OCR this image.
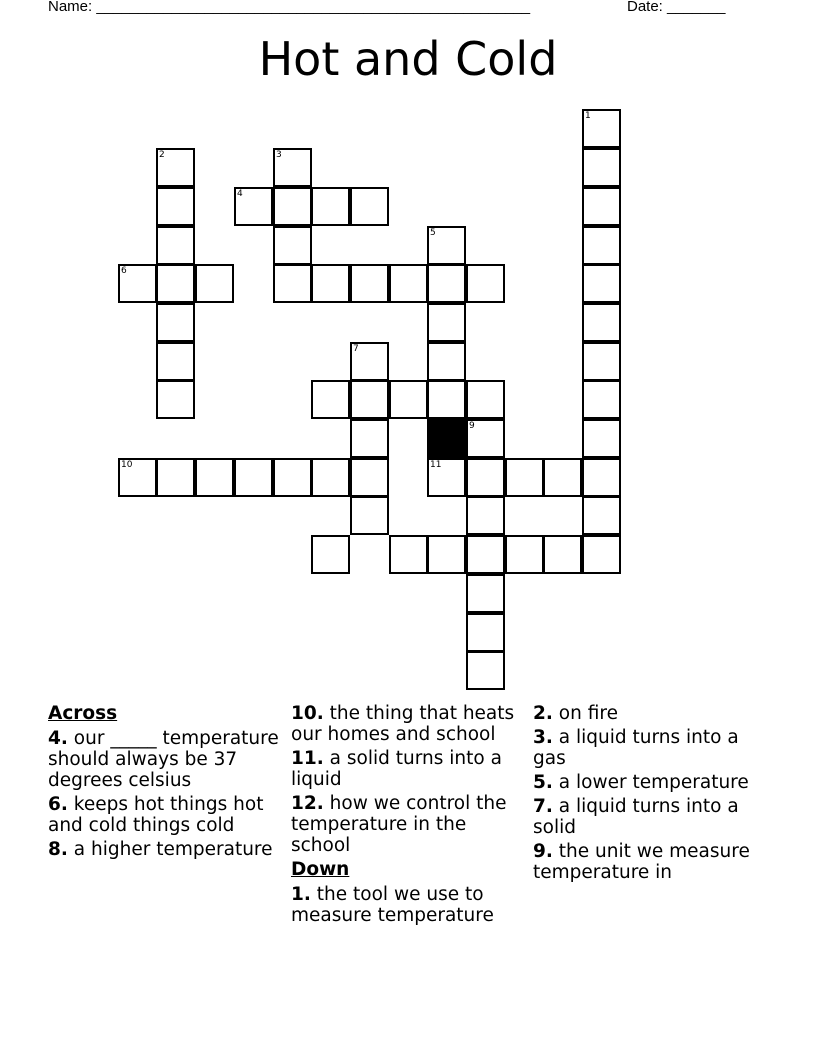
Name: ____________________________________________________	Date: _______
Hot and Cold
1
2	3
4
5
6
7
9
10	11
Across
4. our _____ temperature should always be 37 degrees celsius
6. keeps hot things hot and cold things cold
8. a higher temperature
10. the thing that heats our homes and school
11. a solid turns into a liquid
12. how we control the temperature in the school
Down
1. the tool we use to measure temperature
2. on fire
3. a liquid turns into a gas
5. a lower temperature
7. a liquid turns into a solid
9. the unit we measure temperature in
